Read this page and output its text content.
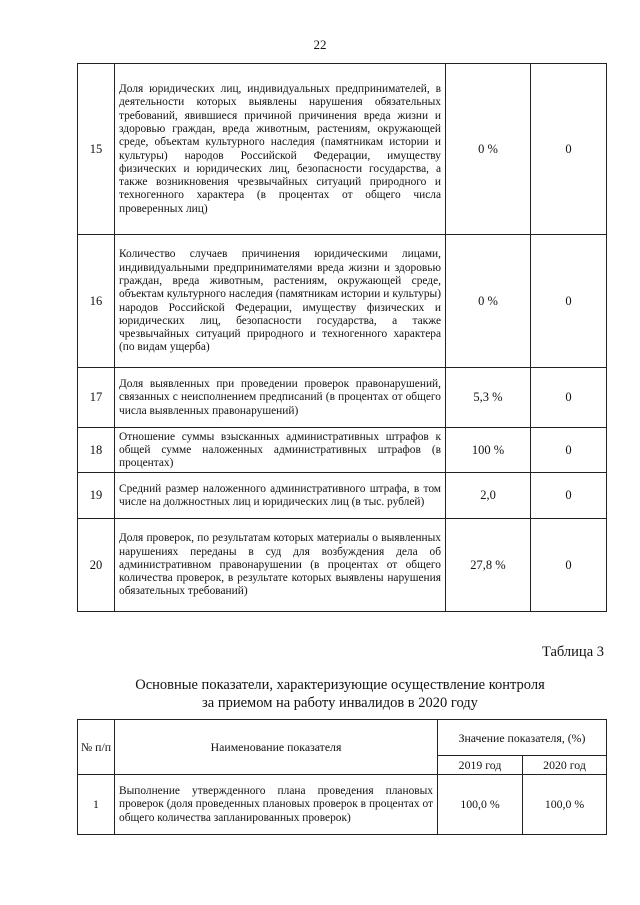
22
15	Доля юридических лиц, индивидуальных предпринимателей, в деятельности которых выявлены нарушения обязательных требований, явившиеся причиной причинения вреда жизни и здоровью граждан, вреда животным, растениям, окружающей среде, объектам культурного наследия (памятникам истории и культуры) народов Российской Федерации, имуществу физических и юридических лиц, безопасности государства, а также возникновения чрезвычайных ситуаций природного и техногенного характера (в процентах от общего числа проверенных лиц)	0 %	0
16	Количество случаев причинения юридическими лицами, индивидуальными предпринимателями вреда жизни и здоровью граждан, вреда животным, растениям, окружающей среде, объектам культурного наследия (памятникам истории и культуры) народов Российской Федерации, имуществу физических и юридических лиц, безопасности государства, а также чрезвычайных ситуаций природного и техногенного характера (по видам ущерба)	0 %	0
17	Доля выявленных при проведении проверок правонарушений, связанных с неисполнением предписаний (в процентах от общего числа выявленных правонарушений)	5,3 %	0
18	Отношение суммы взысканных административных штрафов к общей сумме наложенных административных штрафов (в процентах)	100 %	0
19	Средний размер наложенного административного штрафа, в том числе на должностных лиц и юридических лиц (в тыс. рублей)	2,0	0
20	Доля проверок, по результатам которых материалы о выявленных нарушениях переданы в суд для возбуждения дела об административном правонарушении (в процентах от общего количества проверок, в результате которых выявлены нарушения обязательных требований)	27,8 %	0
Таблица 3
Основные показатели, характеризующие осуществление контроля
за приемом на работу инвалидов в 2020 году
№ п/п	Наименование показателя	Значение показателя, (%)	
		2019 год	2020 год
1	Выполнение утвержденного плана проведения плановых проверок (доля проведенных плановых проверок в процентах от общего количества запланированных проверок)	100,0 %	100,0 %
